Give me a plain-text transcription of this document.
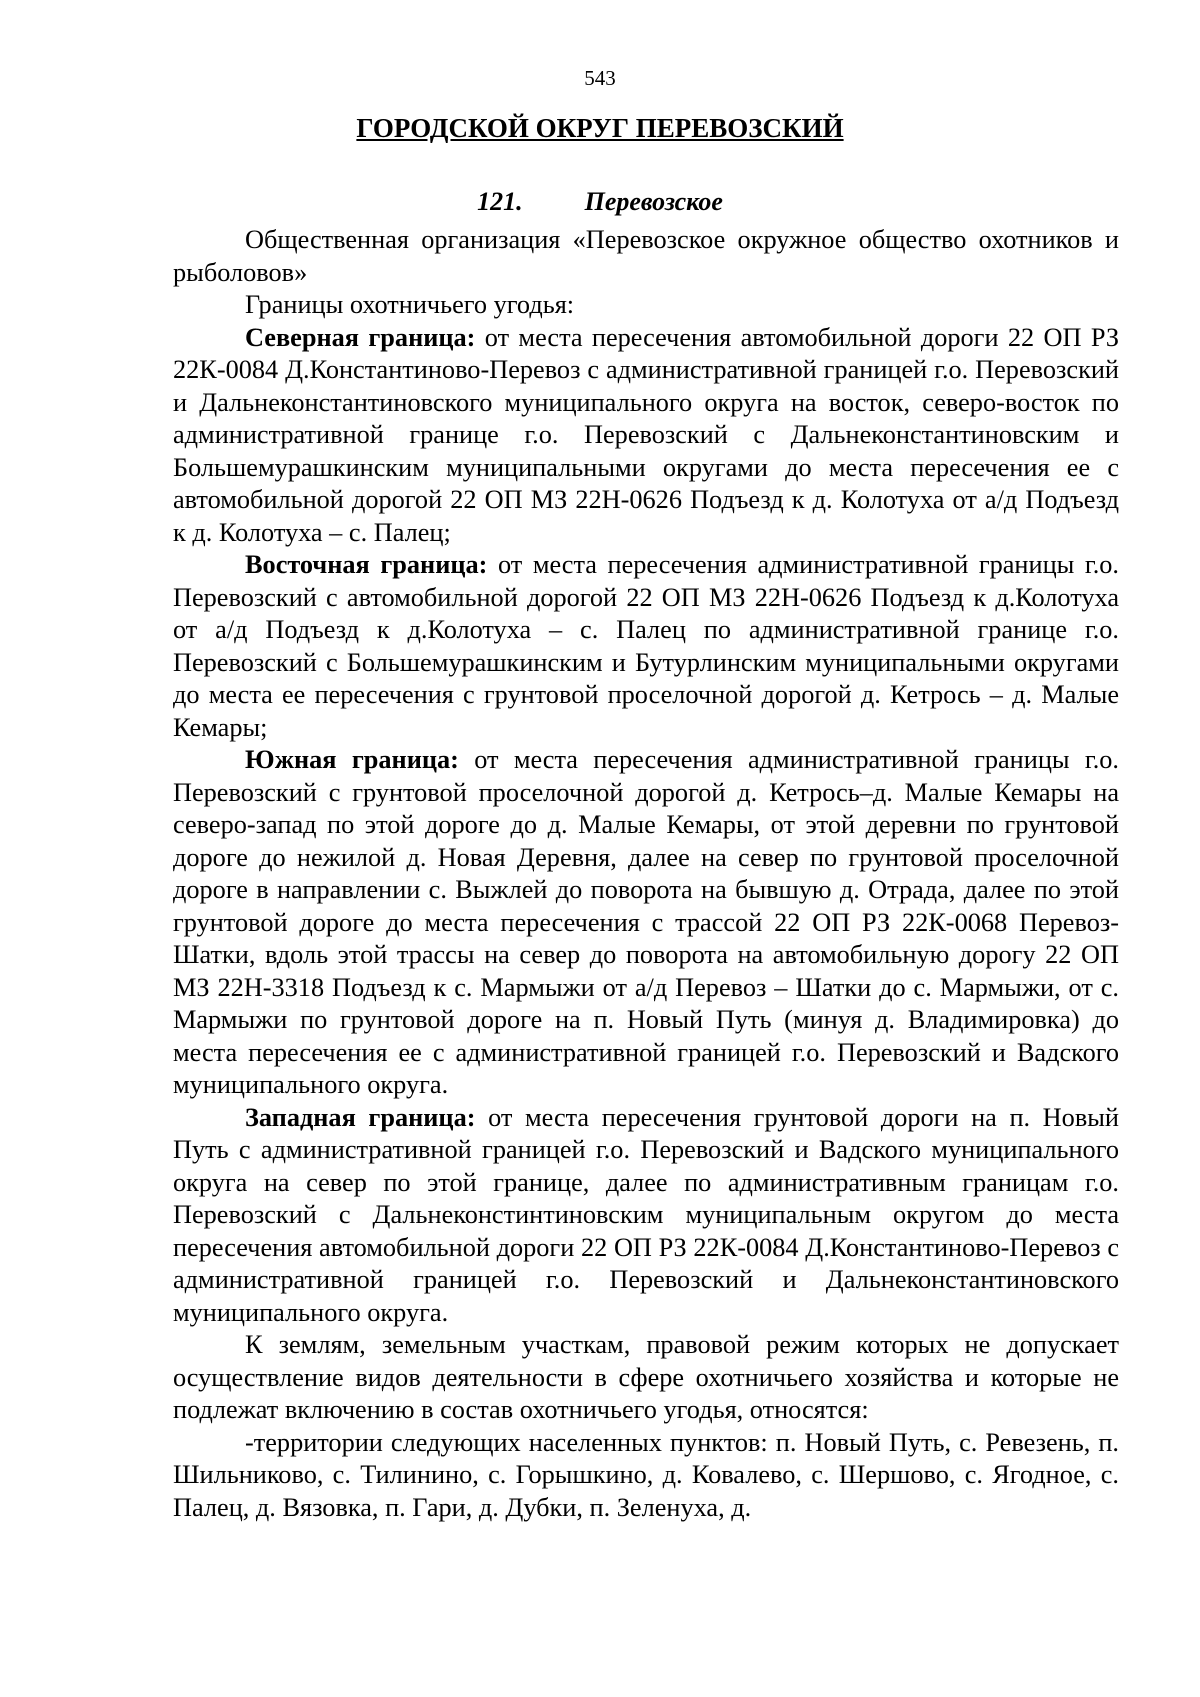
543
ГОРОДСКОЙ ОКРУГ ПЕРЕВОЗСКИЙ
121. Перевозское

Общественная организация «Перевозское окружное общество охотников и рыболовов»

Границы охотничьего угодья:

Северная граница: от места пересечения автомобильной дороги 22 ОП РЗ 22К-0084 Д.Константиново-Перевоз с административной границей г.о. Перевозский и Дальнеконстантиновского муниципального округа на восток, северо-восток по административной границе г.о. Перевозский с Дальнеконстантиновским и Большемурашкинским муниципальными округами до места пересечения ее с автомобильной дорогой 22 ОП МЗ 22Н-0626 Подъезд к д. Колотуха от а/д Подъезд к д. Колотуха – с. Палец;

Восточная граница: от места пересечения административной границы г.о. Перевозский с автомобильной дорогой 22 ОП МЗ 22Н-0626 Подъезд к д.Колотуха от а/д Подъезд к д.Колотуха – с. Палец по административной границе г.о. Перевозский с Большемурашкинским и Бутурлинским муниципальными округами до места ее пересечения с грунтовой проселочной дорогой д. Кетрось – д. Малые Кемары;

Южная граница: от места пересечения административной границы г.о. Перевозский с грунтовой проселочной дорогой д. Кетрось–д. Малые Кемары на северо-запад по этой дороге до д. Малые Кемары, от этой деревни по грунтовой дороге до нежилой д. Новая Деревня, далее на север по грунтовой проселочной дороге в направлении с. Выжлей до поворота на бывшую д. Отрада, далее по этой грунтовой дороге до места пересечения с трассой 22 ОП РЗ 22К-0068 Перевоз-Шатки, вдоль этой трассы на север до поворота на автомобильную дорогу 22 ОП МЗ 22Н-3318 Подъезд к с. Мармыжи от а/д Перевоз – Шатки до с. Мармыжи, от с. Мармыжи по грунтовой дороге на п. Новый Путь (минуя д. Владимировка) до места пересечения ее с административной границей г.о. Перевозский и Вадского муниципального округа.

Западная граница: от места пересечения грунтовой дороги на п. Новый Путь с административной границей г.о. Перевозский и Вадского муниципального округа на север по этой границе, далее по административным границам г.о. Перевозский с Дальнеконстинтиновским муниципальным округом до места пересечения автомобильной дороги 22 ОП РЗ 22К-0084 Д.Константиново-Перевоз с административной границей г.о. Перевозский и Дальнеконстантиновского муниципального округа.

К землям, земельным участкам, правовой режим которых не допускает осуществление видов деятельности в сфере охотничьего хозяйства и которые не подлежат включению в состав охотничьего угодья, относятся:

-территории следующих населенных пунктов: п. Новый Путь, с. Ревезень, п. Шильниково, с. Тилинино, с. Горышкино, д. Ковалево, с. Шершово, с. Ягодное, с. Палец, д. Вязовка, п. Гари, д. Дубки, п. Зеленуха, д.
